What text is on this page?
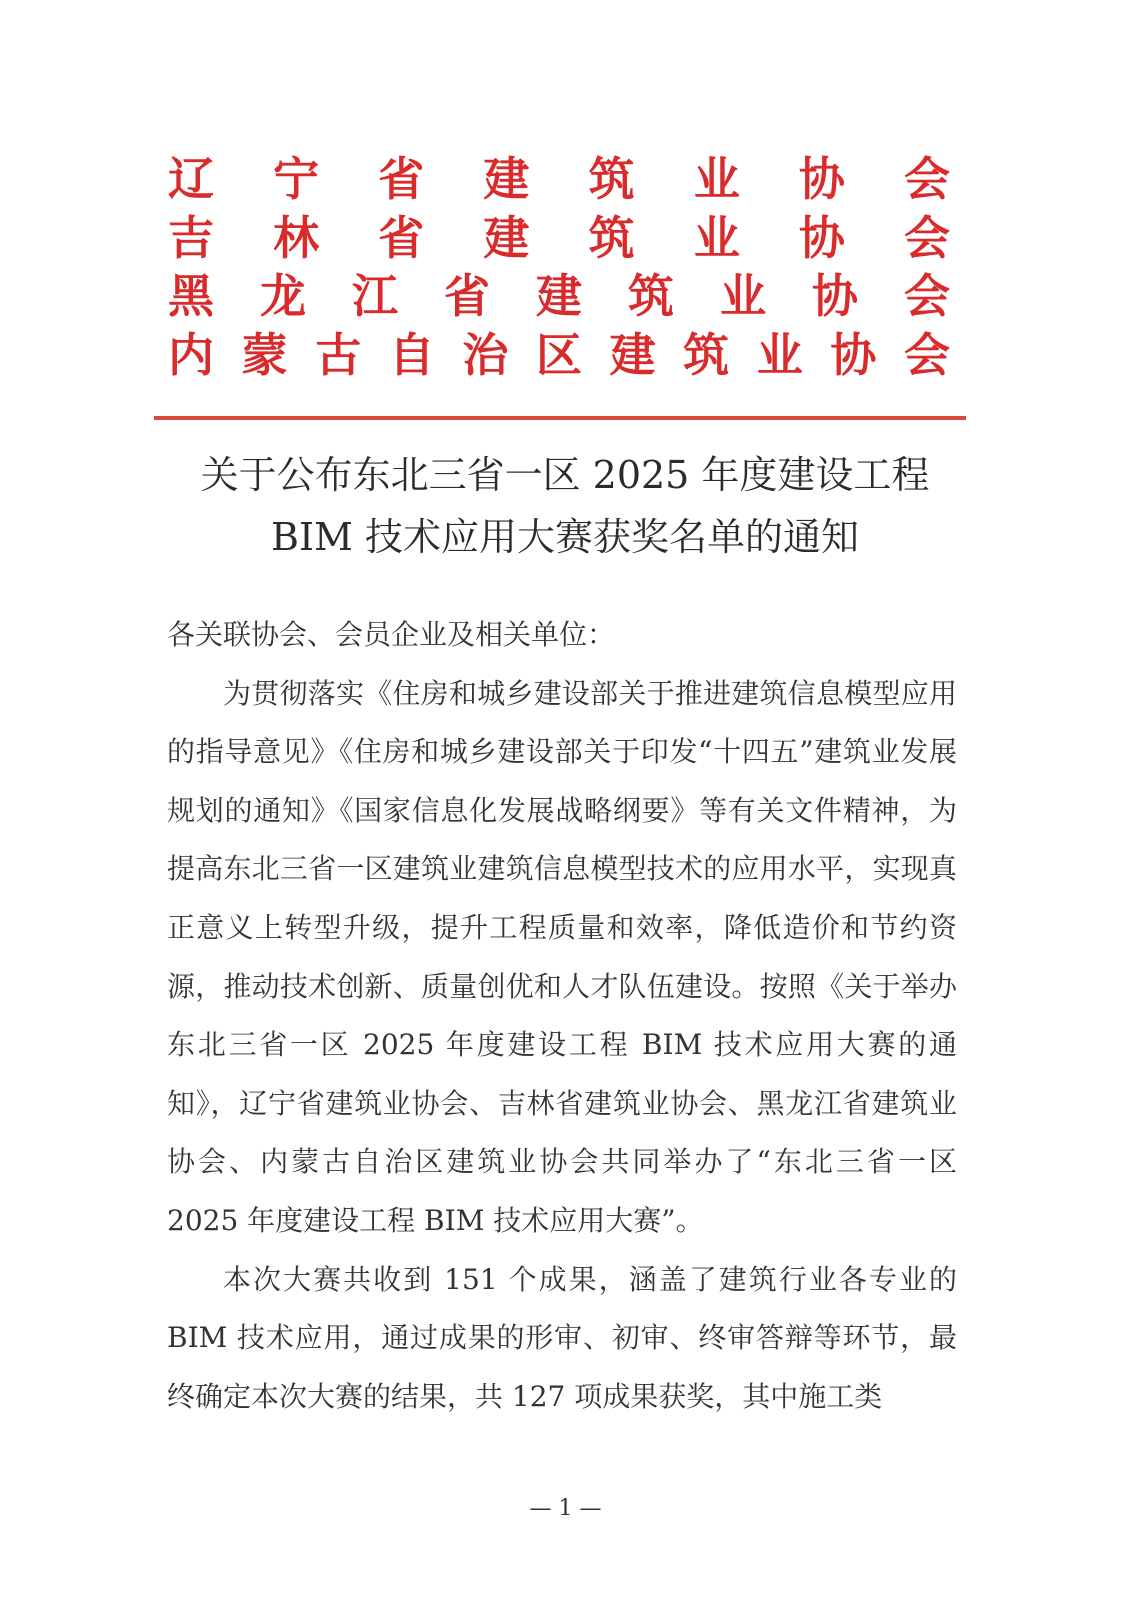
辽 宁 省 建 筑 业 协 会
吉 林 省 建 筑 业 协 会
黑 龙 江 省 建 筑 业 协 会
内 蒙 古 自 治 区 建 筑 业 协 会
关于公布东北三省一区 2025 年度建设工程
BIM 技术应用大赛获奖名单的通知

各关联协会、会员企业及相关单位：

为贯彻落实《住房和城乡建设部关于推进建筑信息模型应用的指导意见》《住房和城乡建设部关于印发“十四五”建筑业发展规划的通知》《国家信息化发展战略纲要》等有关文件精神，为提高东北三省一区建筑业建筑信息模型技术的应用水平，实现真正意义上转型升级，提升工程质量和效率，降低造价和节约资源，推动技术创新、质量创优和人才队伍建设。按照《关于举办东北三省一区 2025 年度建设工程 BIM 技术应用大赛的通知》，辽宁省建筑业协会、吉林省建筑业协会、黑龙江省建筑业协会、内蒙古自治区建筑业协会共同举办了“东北三省一区 2025 年度建设工程 BIM 技术应用大赛”。

本次大赛共收到 151 个成果，涵盖了建筑行业各专业的 BIM 技术应用，通过成果的形审、初审、终审答辩等环节，最终确定本次大赛的结果，共 127 项成果获奖，其中施工类

— 1 —
